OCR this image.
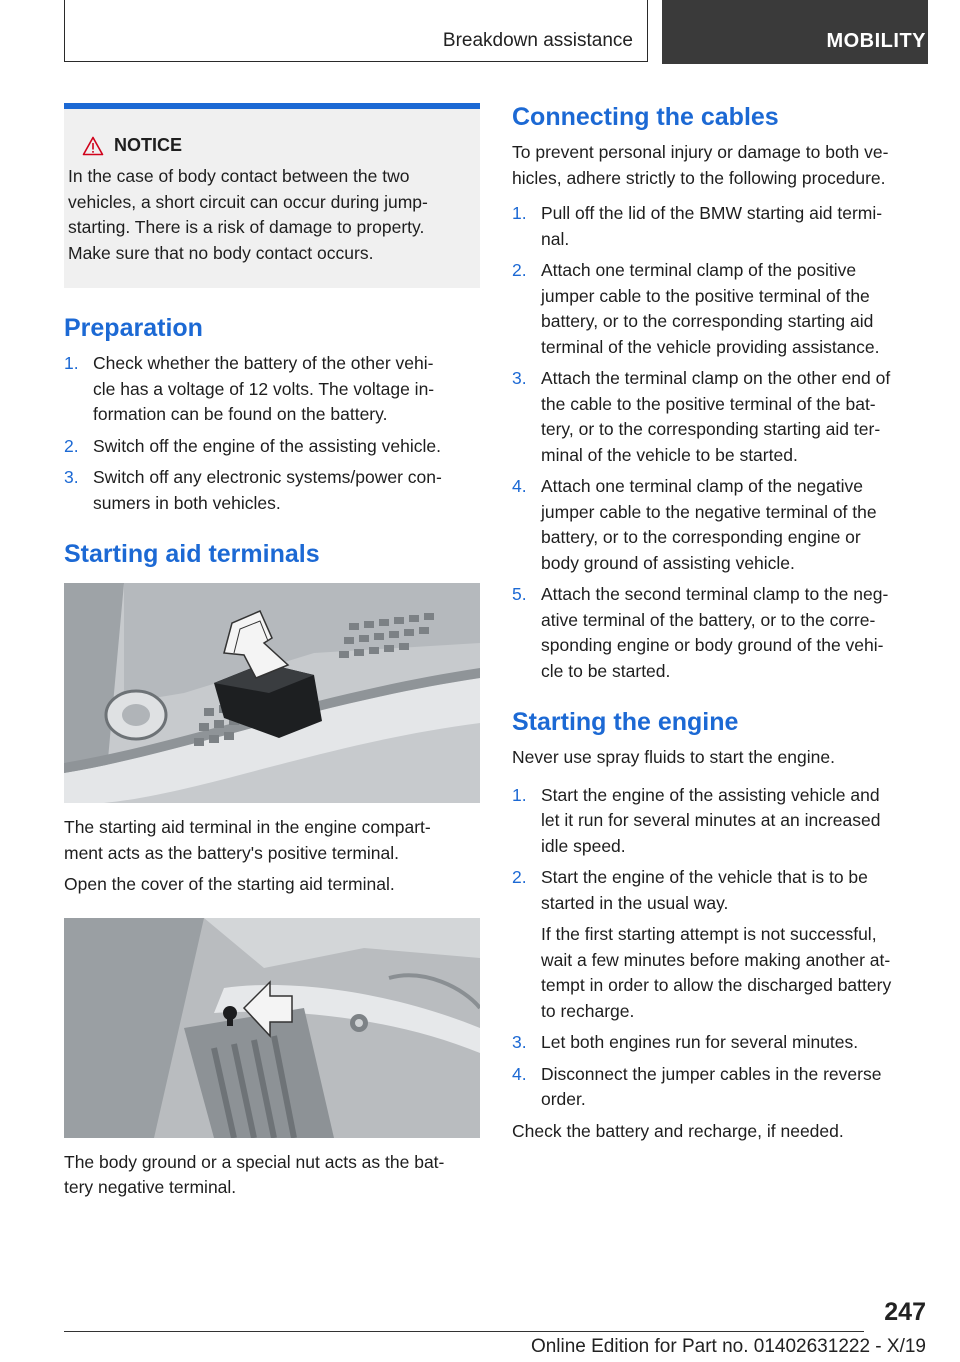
Breakdown assistance	MOBILITY
NOTICE
In the case of body contact between the two
vehicles, a short circuit can occur during jump-
starting. There is a risk of damage to property.
Make sure that no body contact occurs.
Preparation
1. Check whether the battery of the other vehi-
cle has a voltage of 12 volts. The voltage in-
formation can be found on the battery.
2. Switch off the engine of the assisting vehicle.
3. Switch off any electronic systems/power con-
sumers in both vehicles.
Starting aid terminals

The starting aid terminal in the engine compart-
ment acts as the battery's positive terminal.

Open the cover of the starting aid terminal.

The body ground or a special nut acts as the bat-
tery negative terminal.

Connecting the cables

To prevent personal injury or damage to both ve-
hicles, adhere strictly to the following procedure.

1. Pull off the lid of the BMW starting aid termi-
nal.
2. Attach one terminal clamp of the positive
jumper cable to the positive terminal of the
battery, or to the corresponding starting aid
terminal of the vehicle providing assistance.
3. Attach the terminal clamp on the other end of
the cable to the positive terminal of the bat-
tery, or to the corresponding starting aid ter-
minal of the vehicle to be started.
4. Attach one terminal clamp of the negative
jumper cable to the negative terminal of the
battery, or to the corresponding engine or
body ground of assisting vehicle.
5. Attach the second terminal clamp to the neg-
ative terminal of the battery, or to the corre-
sponding engine or body ground of the vehi-
cle to be started.
Starting the engine

Never use spray fluids to start the engine.

1. Start the engine of the assisting vehicle and
let it run for several minutes at an increased
idle speed.
2. Start the engine of the vehicle that is to be
started in the usual way.
If the first starting attempt is not successful,
wait a few minutes before making another at-
tempt in order to allow the discharged battery
to recharge.
3. Let both engines run for several minutes.
4. Disconnect the jumper cables in the reverse
order.

Check the battery and recharge, if needed.

247
Online Edition for Part no. 01402631222 - X/19
